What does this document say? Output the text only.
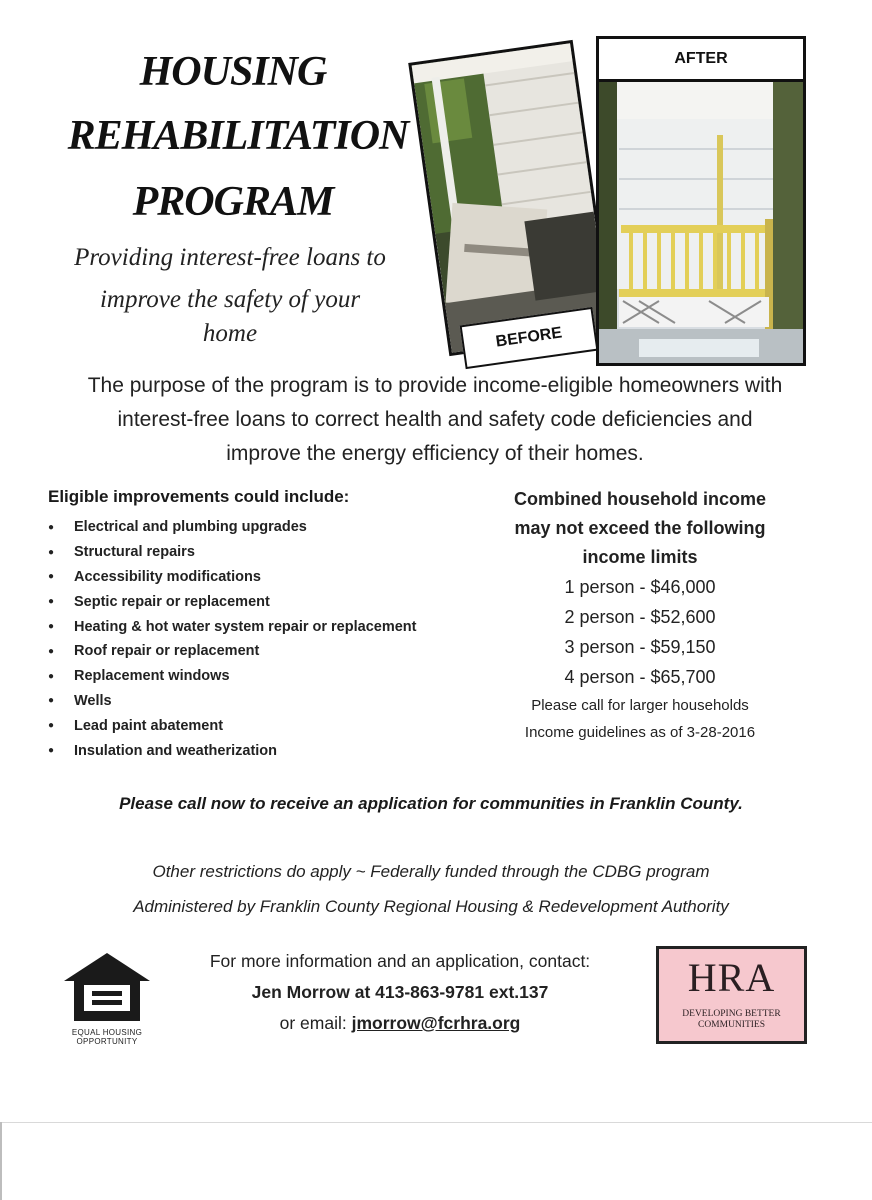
HOUSING
REHABILITATION
PROGRAM
Providing interest-free loans to
improve the safety of your
home	BEFORE
AFTER
The purpose of the program is to provide income-eligible homeowners with
interest-free loans to correct health and safety code deficiencies and
improve the energy efficiency of their homes.
Eligible improvements could include:
●	Electrical and plumbing upgrades
●	Structural repairs
●	Accessibility modifications
●	Septic repair or replacement
●	Heating & hot water system repair or replacement
●	Roof repair or replacement
●	Replacement windows
●	Wells
●	Lead paint abatement
●	Insulation and weatherization
Combined household income
may not exceed the following
income limits
1 person - $46,000
2 person - $52,600
3 person - $59,150
4 person - $65,700
Please call for larger households
Income guidelines as of 3-28-2016
Please call now to receive an application for communities in Franklin County.
Other restrictions do apply ~ Federally funded through the CDBG program
Administered by Franklin County Regional Housing & Redevelopment Authority
EQUAL HOUSING
OPPORTUNITY
For more information and an application, contact:
Jen Morrow at 413-863-9781 ext.137
or email: jmorrow@fcrhra.org
HRA
DEVELOPING BETTER
COMMUNITIES
